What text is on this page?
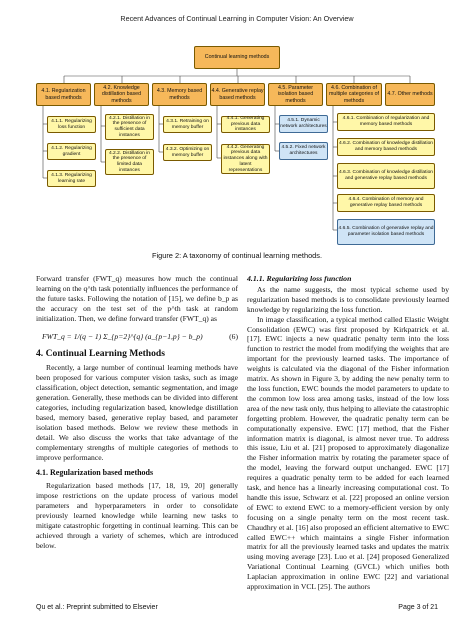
Recent Advances of Continual Learning in Computer Vision: An Overview
Continual learning methods
4.1. Regularization based methods
4.2. Knowledge distillation based methods
4.3. Memory based methods
4.4. Generative replay based methods
4.5. Parameter isolation based methods
4.6. Combination of multiple categories of methods
4.7. Other methods
4.1.1. Regularizing loss function
4.1.2. Regularizing gradient
4.1.3. Regularizing learning rate
4.2.1. Distillation in the presence of sufficient data instances
4.2.2. Distillation in the presence of limited data instances
4.3.1. Retraining on memory buffer
4.3.2. Optimizing on memory buffer
4.4.1. Generating previous data instances
4.4.2. Generating previous data instances along with latent representations
4.5.1. Dynamic network architectures
4.5.2. Fixed network architectures
4.6.1. Combination of regularization and memory based methods
4.6.2. Combination of knowledge distillation and memory based methods
4.6.3. Combination of knowledge distillation and generative replay based methods
4.6.4. Combination of memory and generative replay based methods
4.6.5. Combination of generative replay and parameter isolation based methods
Figure 2: A taxonomy of continual learning methods.

Forward transfer (FWT_q) measures how much the continual learning on the q^th task potentially influences the performance of the future tasks. Following the notation of [15], we define b_p as the accuracy on the test set of the p^th task at random initialization. Then, we define forward transfer (FWT_q) as

FWT_q = 1/(q − 1) Σ_{p=2}^{q} (a_{p−1,p} − b_p)	(6)

4. Continual Learning Methods

Recently, a large number of continual learning methods have been proposed for various computer vision tasks, such as image classification, object detection, semantic segmentation, and image generation. Generally, these methods can be divided into different categories, including regularization based, knowledge distillation based, memory based, generative replay based, and parameter isolation based methods. Below we review these methods in detail. We also discuss the works that take advantage of the complementary strengths of multiple categories of methods to improve performance.

4.1. Regularization based methods

Regularization based methods [17, 18, 19, 20] generally impose restrictions on the update process of various model parameters and hyperparameters in order to consolidate previously learned knowledge while learning new tasks to mitigate catastrophic forgetting in continual learning. This can be achieved through a variety of schemes, which are introduced below.

4.1.1. Regularizing loss function

As the name suggests, the most typical scheme used by regularization based methods is to consolidate previously learned knowledge by regularizing the loss function.

In image classification, a typical method called Elastic Weight Consolidation (EWC) was first proposed by Kirkpatrick et al. [17]. EWC injects a new quadratic penalty term into the loss function to restrict the model from modifying the weights that are important for the previously learned tasks. The importance of weights is calculated via the diagonal of the Fisher information matrix. As shown in Figure 3, by adding the new penalty term to the loss function, EWC bounds the model parameters to update to the common low loss area among tasks, instead of the low loss area of the new task only, thus helping to alleviate the catastrophic forgetting problem. However, the quadratic penalty term can be computationally expensive. EWC [17] method, that the Fisher information matrix is diagonal, is almost never true. To address this issue, Liu et al. [21] proposed to approximately diagonalize the Fisher information matrix by rotating the parameter space of the model, leaving the forward output unchanged. EWC [17] requires a quadratic penalty term to be added for each learned task, and hence has a linearly increasing computational cost. To handle this issue, Schwarz et al. [22] proposed an online version of EWC to extend EWC to a memory-efficient version by only focusing on a single penalty term on the most recent task. Chaudhry et al. [16] also proposed an efficient alternative to EWC called EWC++ which maintains a single Fisher information matrix for all the previously learned tasks and updates the matrix using moving average [23]. Luo et al. [24] proposed Generalized Variational Continual Learning (GVCL) which unifies both Laplacian approximation in online EWC [22] and variational approximation in VCL [25]. The authors

Qu et al.: Preprint submitted to Elsevier	Page 3 of 21
